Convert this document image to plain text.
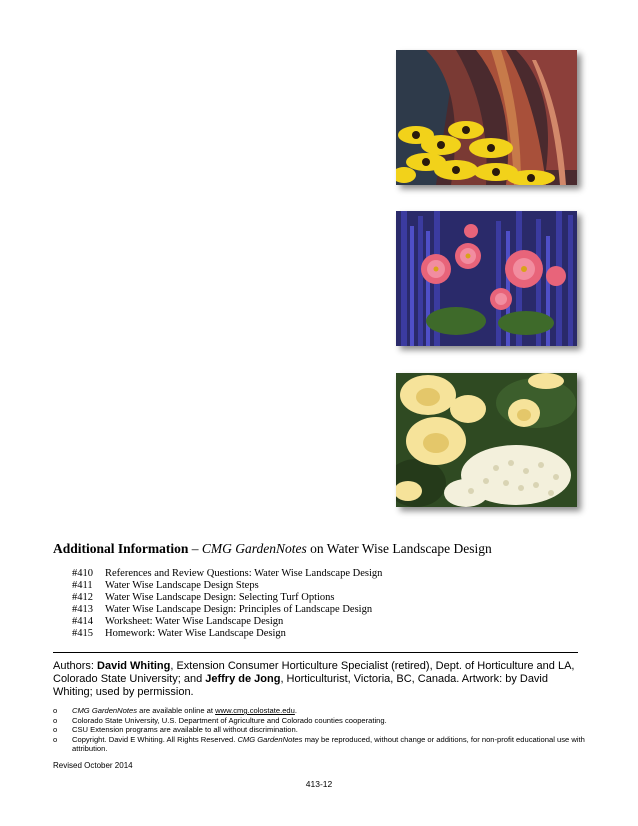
Additional Information – CMG GardenNotes on Water Wise Landscape Design
#410	References and Review Questions: Water Wise Landscape Design
#411	Water Wise Landscape Design Steps
#412	Water Wise Landscape Design: Selecting Turf Options
#413	Water Wise Landscape Design: Principles of Landscape Design
#414	Worksheet: Water Wise Landscape Design
#415	Homework: Water Wise Landscape Design
Authors: David Whiting, Extension Consumer Horticulture Specialist (retired), Dept. of Horticulture and LA, Colorado State University; and Jeffry de Jong, Horticulturist, Victoria, BC, Canada. Artwork: by David Whiting; used by permission.
o	CMG GardenNotes are available online at www.cmg.colostate.edu.
o	Colorado State University, U.S. Department of Agriculture and Colorado counties cooperating.
o	CSU Extension programs are available to all without discrimination.
o	Copyright. David E Whiting. All Rights Reserved. CMG GardenNotes may be reproduced, without change or additions, for non-profit educational use with attribution.
Revised October 2014
413-12
